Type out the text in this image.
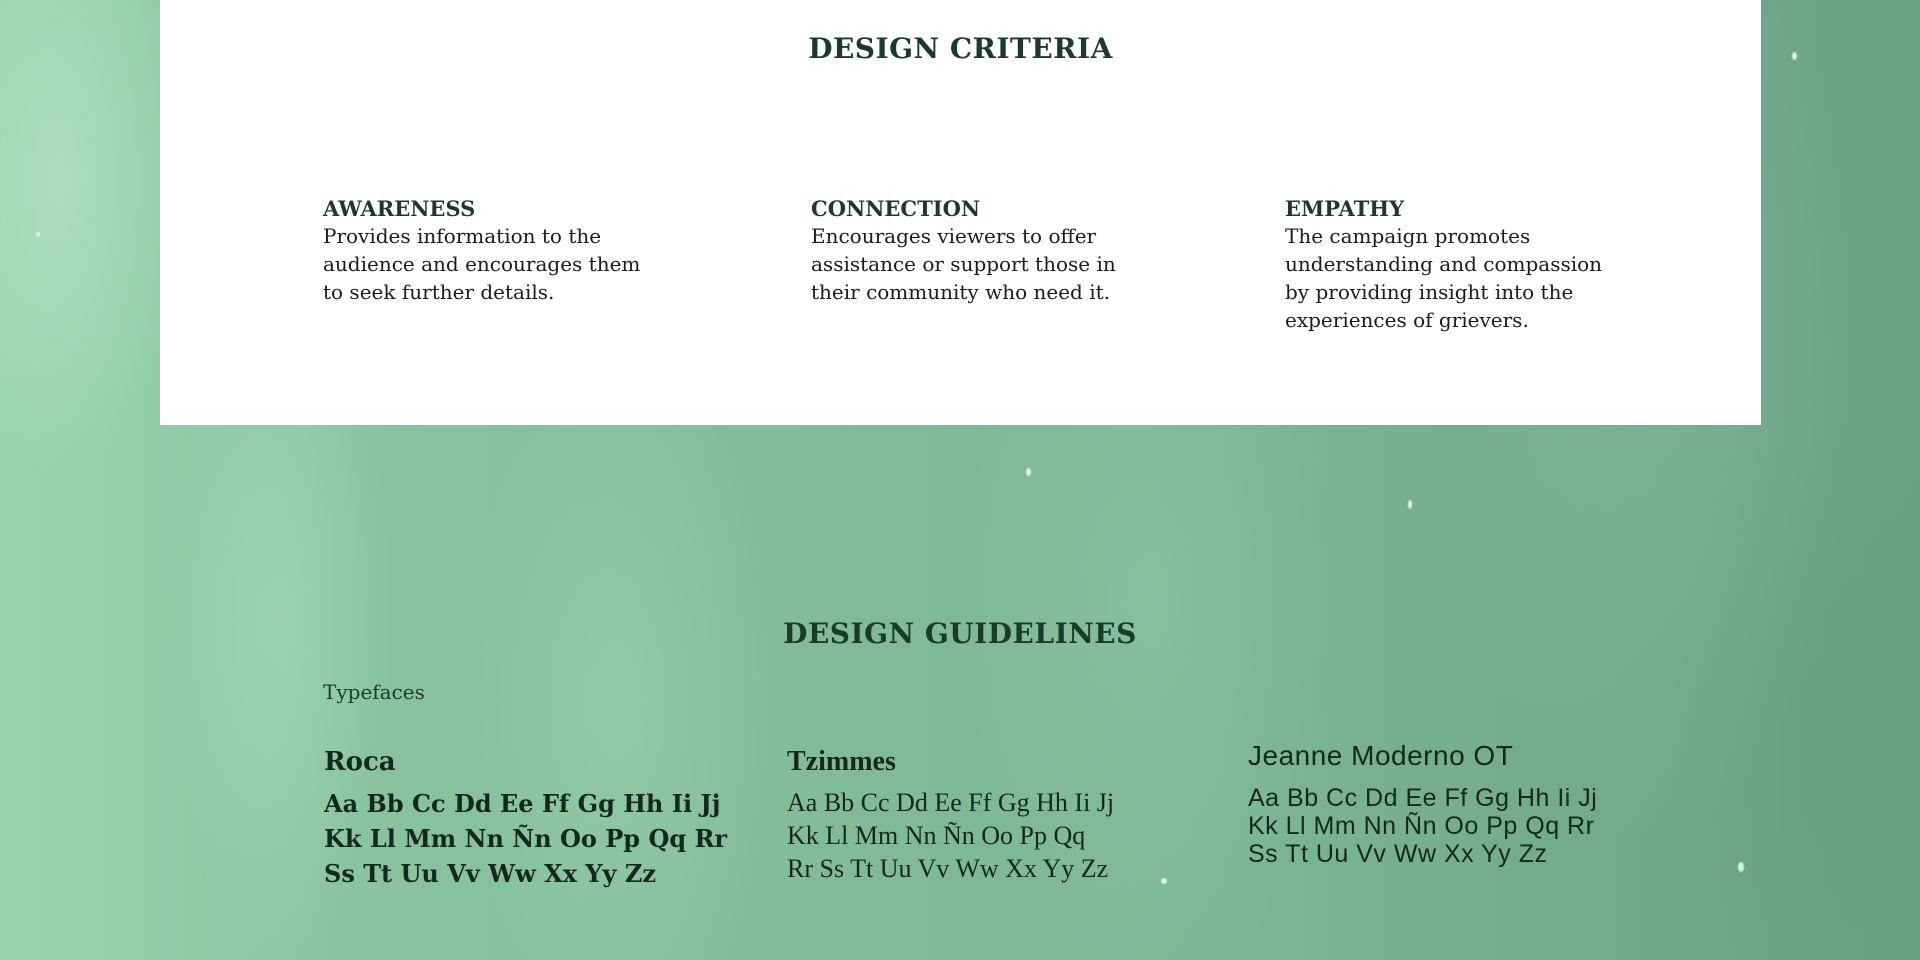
DESIGN CRITERIA
AWARENESS

Provides information to the
audience and encourages them
to seek further details.

CONNECTION

Encourages viewers to offer
assistance or support those in
their community who need it.

EMPATHY

The campaign promotes
understanding and compassion
by providing insight into the
experiences of grievers.

DESIGN GUIDELINES

Typefaces

Roca

Aa Bb Cc Dd Ee Ff Gg Hh Ii Jj
Kk Ll Mm Nn Ñn Oo Pp Qq Rr
Ss Tt Uu Vv Ww Xx Yy Zz

Tzimmes

Aa Bb Cc Dd Ee Ff Gg Hh Ii Jj
Kk Ll Mm Nn Ñn Oo Pp Qq
Rr Ss Tt Uu Vv Ww Xx Yy Zz

Jeanne Moderno OT

Aa Bb Cc Dd Ee Ff Gg Hh Ii Jj
Kk Ll Mm Nn Ñn Oo Pp Qq Rr
Ss Tt Uu Vv Ww Xx Yy Zz
